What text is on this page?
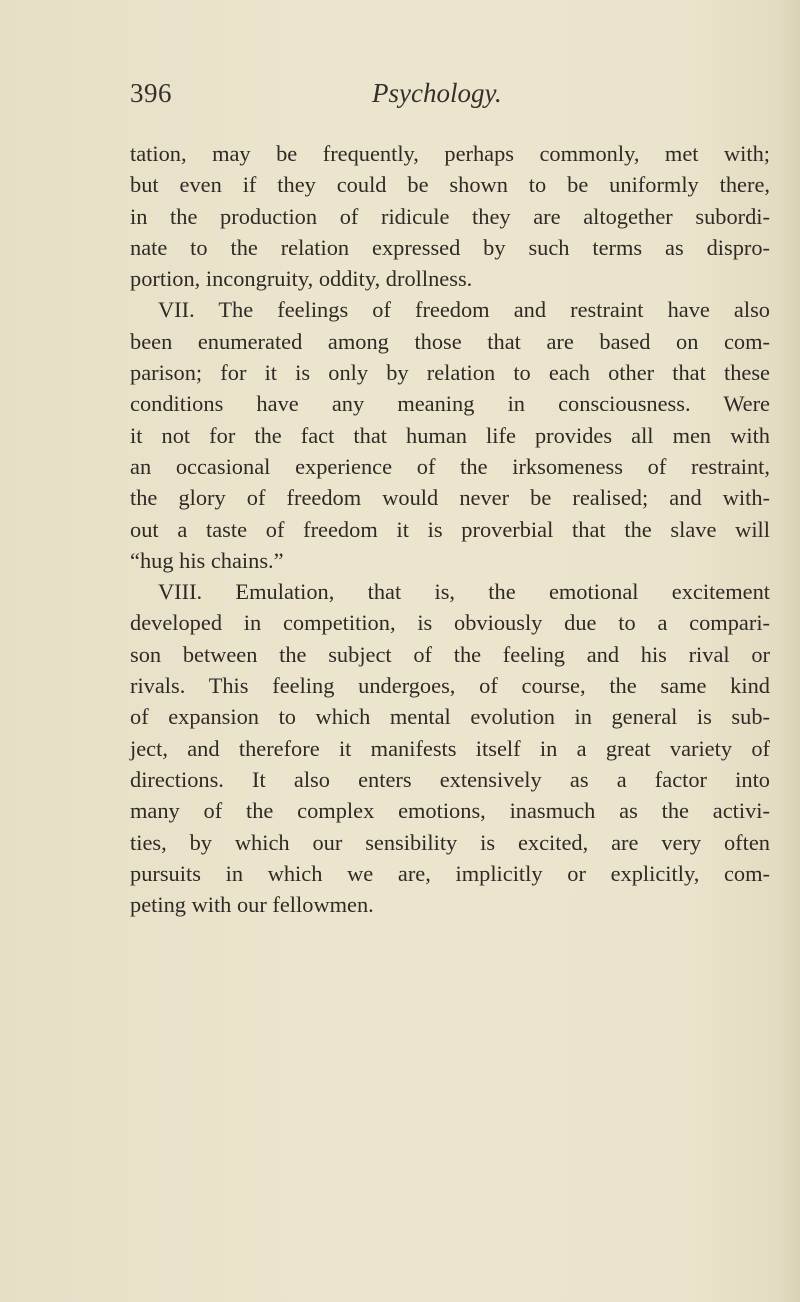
396	Psychology.
tation, may be frequently, perhaps commonly, met with;
but even if they could be shown to be uniformly there,
in the production of ridicule they are altogether subordi-
nate to the relation expressed by such terms as dispro-
portion, incongruity, oddity, drollness.
VII. The feelings of freedom and restraint have also
been enumerated among those that are based on com-
parison; for it is only by relation to each other that these
conditions have any meaning in consciousness. Were
it not for the fact that human life provides all men with
an occasional experience of the irksomeness of restraint,
the glory of freedom would never be realised; and with-
out a taste of freedom it is proverbial that the slave will
“hug his chains.”
VIII. Emulation, that is, the emotional excitement
developed in competition, is obviously due to a compari-
son between the subject of the feeling and his rival or
rivals. This feeling undergoes, of course, the same kind
of expansion to which mental evolution in general is sub-
ject, and therefore it manifests itself in a great variety of
directions. It also enters extensively as a factor into
many of the complex emotions, inasmuch as the activi-
ties, by which our sensibility is excited, are very often
pursuits in which we are, implicitly or explicitly, com-
peting with our fellowmen.
